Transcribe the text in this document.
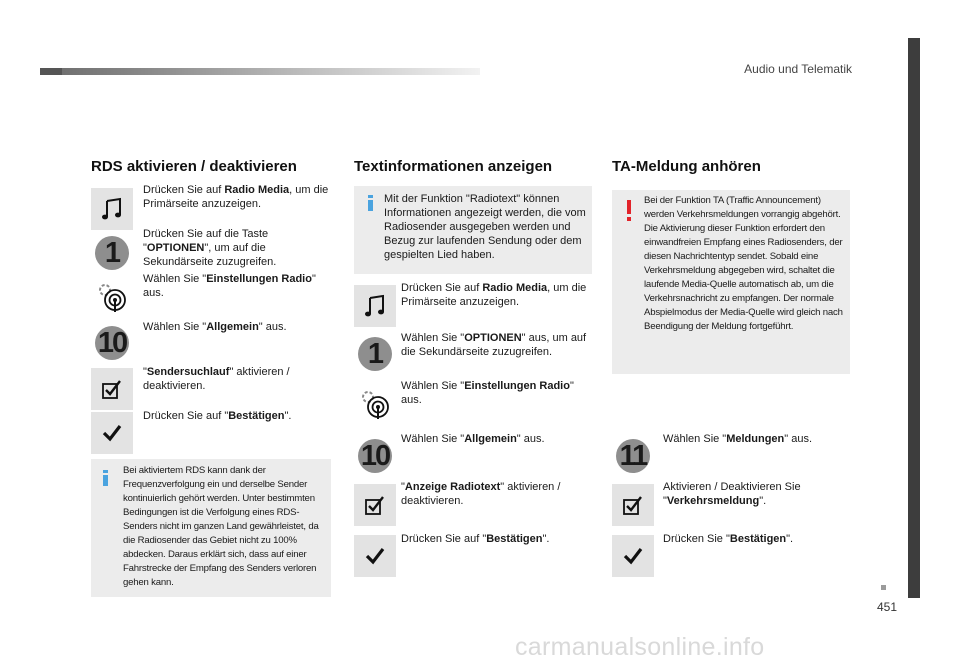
Audio und Telematik
451
carmanualsonline.info
RDS aktivieren / deaktivieren
Drücken Sie auf Radio Media, um die Primärseite anzuzeigen.
1
Drücken Sie auf die Taste "OPTIONEN", um auf die Sekundärseite zuzugreifen.
Wählen Sie "Einstellungen Radio" aus.
10 Wählen Sie "Allgemein" aus.
"Sendersuchlauf" aktivieren / deaktivieren.
Drücken Sie auf "Bestätigen".
Bei aktiviertem RDS kann dank der Frequenzverfolgung ein und derselbe Sender kontinuierlich gehört werden. Unter bestimmten Bedingungen ist die Verfolgung eines RDS-Senders nicht im ganzen Land gewährleistet, da die Radiosender das Gebiet nicht zu 100% abdecken. Daraus erklärt sich, dass auf einer Fahrstrecke der Empfang des Senders verloren gehen kann.
Textinformationen anzeigen
Mit der Funktion "Radiotext" können Informationen angezeigt werden, die vom Radiosender ausgegeben werden und Bezug zur laufenden Sendung oder dem gespielten Lied haben.
Drücken Sie auf Radio Media, um die Primärseite anzuzeigen.
1 Wählen Sie "OPTIONEN" aus, um auf die Sekundärseite zuzugreifen.
Wählen Sie "Einstellungen Radio" aus.
10
Wählen Sie "Allgemein" aus.
"Anzeige Radiotext" aktivieren / deaktivieren.
Drücken Sie auf "Bestätigen".
TA-Meldung anhören
Bei der Funktion TA (Traffic Announcement) werden Verkehrsmeldungen vorrangig abgehört. Die Aktivierung dieser Funktion erfordert den einwandfreien Empfang eines Radiosenders, der diesen Nachrichtentyp sendet. Sobald eine Verkehrsmeldung abgegeben wird, schaltet die laufende Media-Quelle automatisch ab, um die Verkehrsnachricht zu empfangen. Der normale Abspielmodus der Media-Quelle wird gleich nach Beendigung der Meldung fortgeführt.
11
Wählen Sie "Meldungen" aus.
Aktivieren / Deaktivieren Sie "Verkehrsmeldung".
Drücken Sie "Bestätigen".
